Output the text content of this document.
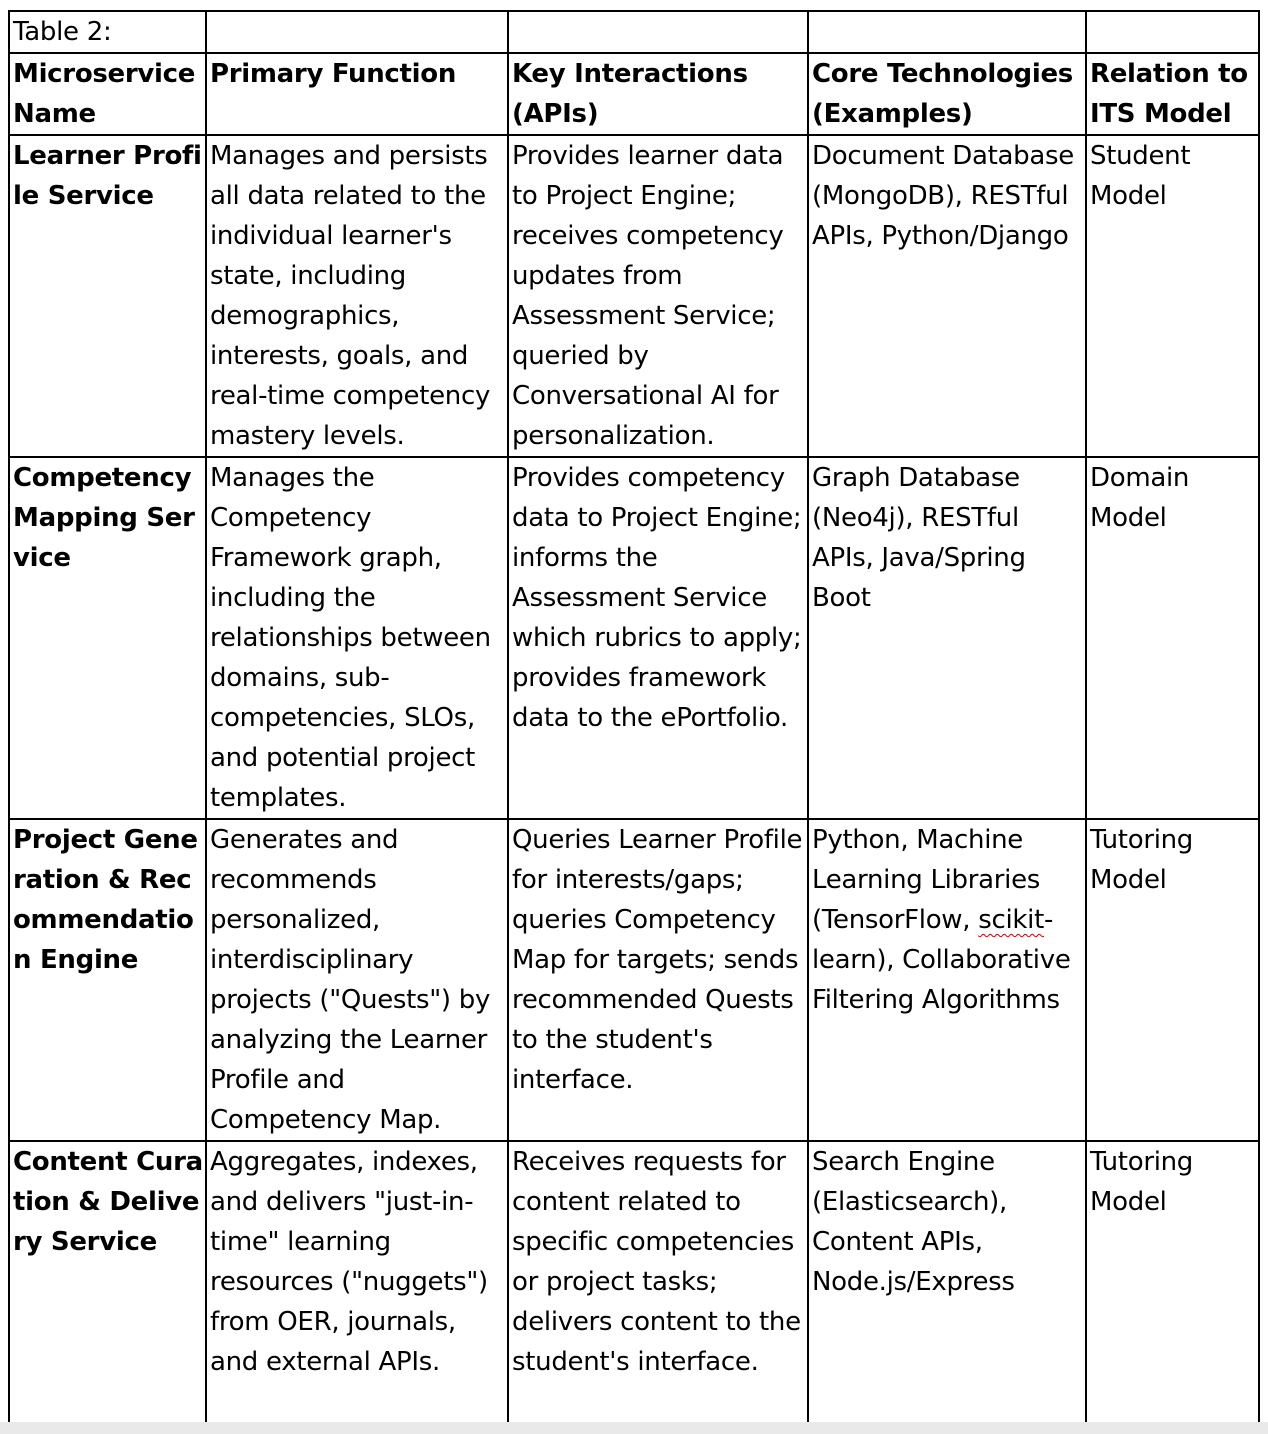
Table 2:				
Microservice Name	Primary Function	Key Interactions (APIs)	Core Technologies (Examples)	Relation to ITS Model
Learner Profile Service	Manages and persists all data related to the individual learner's state, including demographics, interests, goals, and real-time competency mastery levels.	Provides learner data to Project Engine; receives competency updates from Assessment Service; queried by Conversational AI for personalization.	Document Database (MongoDB), RESTful APIs, Python/Django	Student Model
Competency Mapping Service	Manages the Competency Framework graph, including the relationships between domains, sub-competencies, SLOs, and potential project templates.	Provides competency data to Project Engine; informs the Assessment Service which rubrics to apply; provides framework data to the ePortfolio.	Graph Database (Neo4j), RESTful APIs, Java/Spring Boot	Domain Model
Project Generation & Recommendation Engine	Generates and recommends personalized, interdisciplinary projects ("Quests") by analyzing the Learner Profile and Competency Map.	Queries Learner Profile for interests/gaps; queries Competency Map for targets; sends recommended Quests to the student's interface.	Python, Machine Learning Libraries (TensorFlow, scikit-learn), Collaborative Filtering Algorithms	Tutoring Model
Content Curation & Delivery Service	Aggregates, indexes, and delivers "just-in-time" learning resources ("nuggets") from OER, journals, and external APIs.	Receives requests for content related to specific competencies or project tasks; delivers content to the student's interface.	Search Engine (Elasticsearch), Content APIs, Node.js/Express	Tutoring Model
